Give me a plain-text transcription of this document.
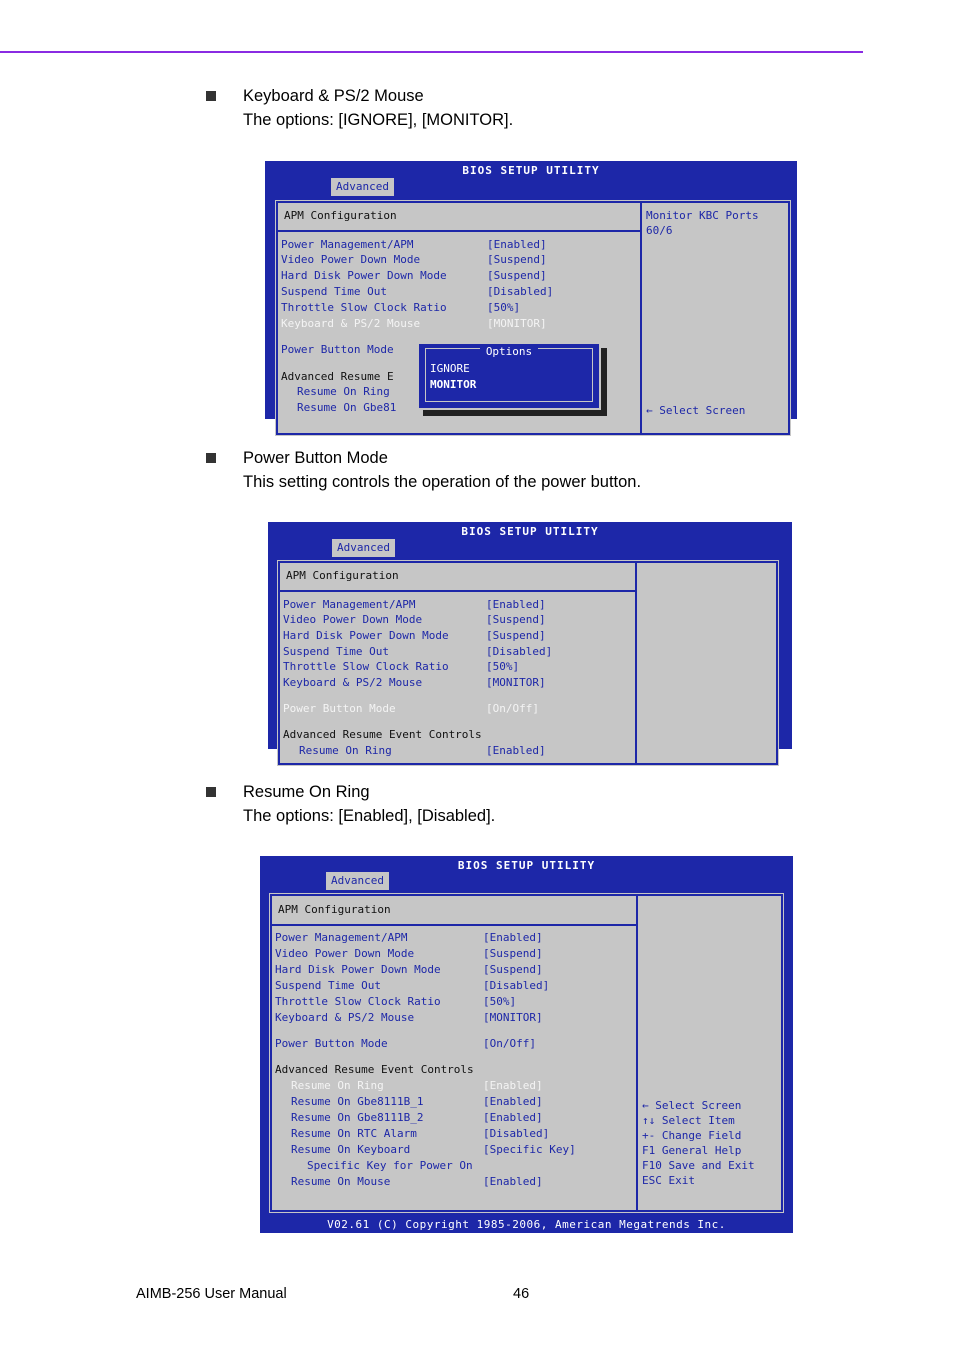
Keyboard & PS/2 Mouse
The options: [IGNORE], [MONITOR].
BIOS SETUP UTILITY
Advanced
APM Configuration
Power Management/APM	[Enabled]
Video Power Down Mode	[Suspend]
Hard Disk Power Down Mode	[Suspend]
Suspend Time Out	[Disabled]
Throttle Slow Clock Ratio	[50%]
Keyboard & PS/2 Mouse	[MONITOR]
Power Button Mode
Advanced Resume E
Resume On Ring
Resume On Gbe81
Monitor KBC Ports
60/6
← Select Screen
Options
IGNORE
MONITOR
Power Button Mode
This setting controls the operation of the power button.
BIOS SETUP UTILITY
Advanced
APM Configuration
Power Management/APM	[Enabled]
Video Power Down Mode	[Suspend]
Hard Disk Power Down Mode	[Suspend]
Suspend Time Out	[Disabled]
Throttle Slow Clock Ratio	[50%]
Keyboard & PS/2 Mouse	[MONITOR]
Power Button Mode	[On/Off]
Advanced Resume Event Controls
Resume On Ring	[Enabled]
Resume On Ring
The options: [Enabled], [Disabled].
BIOS SETUP UTILITY
Advanced
APM Configuration
Power Management/APM	[Enabled]
Video Power Down Mode	[Suspend]
Hard Disk Power Down Mode	[Suspend]
Suspend Time Out	[Disabled]
Throttle Slow Clock Ratio	[50%]
Keyboard & PS/2 Mouse	[MONITOR]
Power Button Mode	[On/Off]
Advanced Resume Event Controls
Resume On Ring	[Enabled]
Resume On Gbe8111B_1	[Enabled]
Resume On Gbe8111B_2	[Enabled]
Resume On RTC Alarm	[Disabled]
Resume On Keyboard	[Specific Key]
Specific Key for Power On
Resume On Mouse	[Enabled]
← Select Screen
↑↓ Select Item
+- Change Field
F1 General Help
F10 Save and Exit
ESC Exit
V02.61 (C) Copyright 1985-2006, American Megatrends Inc.
AIMB-256 User Manual	46
